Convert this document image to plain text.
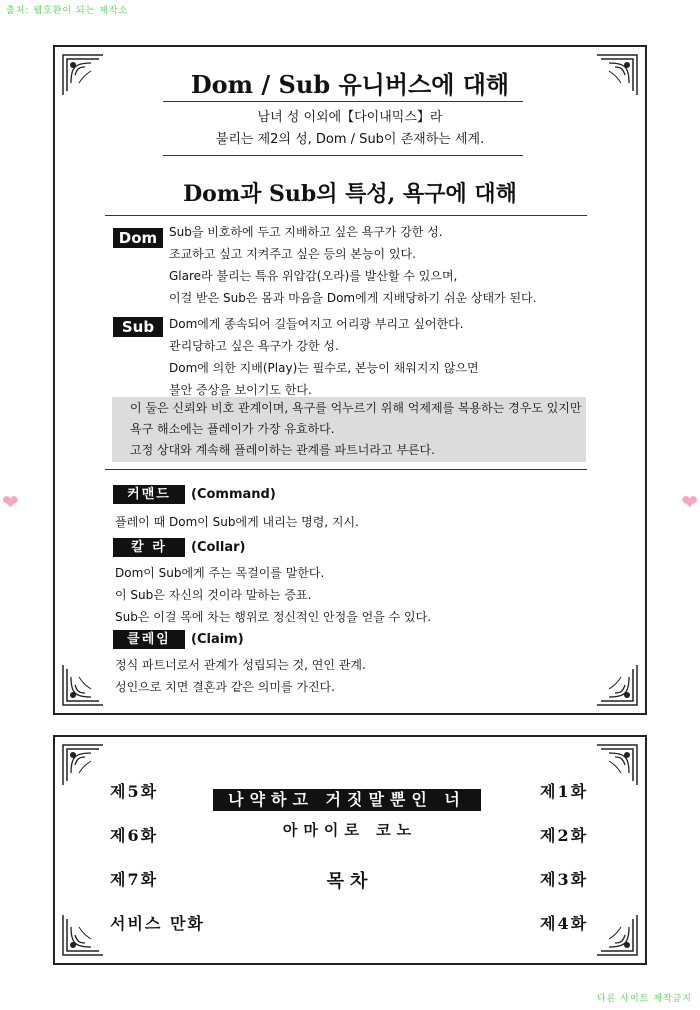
출처: 웹호환이 되는 제작소
다른 사이트 제작금지
❤	❤
Dom / Sub 유니버스에 대해
남녀 성 이외에【다이내믹스】라
불리는 제2의 성, Dom / Sub이 존재하는 세계.
Dom과 Sub의 특성, 욕구에 대해
Dom Sub을 비호하에 두고 지배하고 싶은 욕구가 강한 성.
조교하고 싶고 지켜주고 싶은 등의 본능이 있다.
Glare라 불리는 특유 위압감(오라)를 발산할 수 있으며,
이걸 받은 Sub은 몸과 마음을 Dom에게 지배당하기 쉬운 상태가 된다.
Sub	Dom에게 종속되어 길들여지고 어리광 부리고 싶어한다.
관리당하고 싶은 욕구가 강한 성.
Dom에 의한 지배(Play)는 필수로, 본능이 채워지지 않으면
불안 증상을 보이기도 한다.
이 둘은 신뢰와 비호 관계이며, 욕구를 억누르기 위해 억제제를 복용하는 경우도 있지만
욕구 해소에는 플레이가 가장 유효하다.
고정 상대와 계속해 플레이하는 관계를 파트너라고 부른다.
커맨드	(Command)
플레이 때 Dom이 Sub에게 내리는 명령, 지시.
칼 라	(Collar)
Dom이 Sub에게 주는 목걸이를 말한다.
이 Sub은 자신의 것이라 말하는 증표.
Sub은 이걸 목에 차는 행위로 정신적인 안정을 얻을 수 있다.
클레임	(Claim)
정식 파트너로서 관계가 성립되는 것, 연인 관계.
성인으로 치면 결혼과 같은 의미를 가진다.
제5화
제6화
제7화
서비스 만화
나약하고 거짓말뿐인 너
아마이로 코노
목차
제1화
제2화
제3화
제4화
